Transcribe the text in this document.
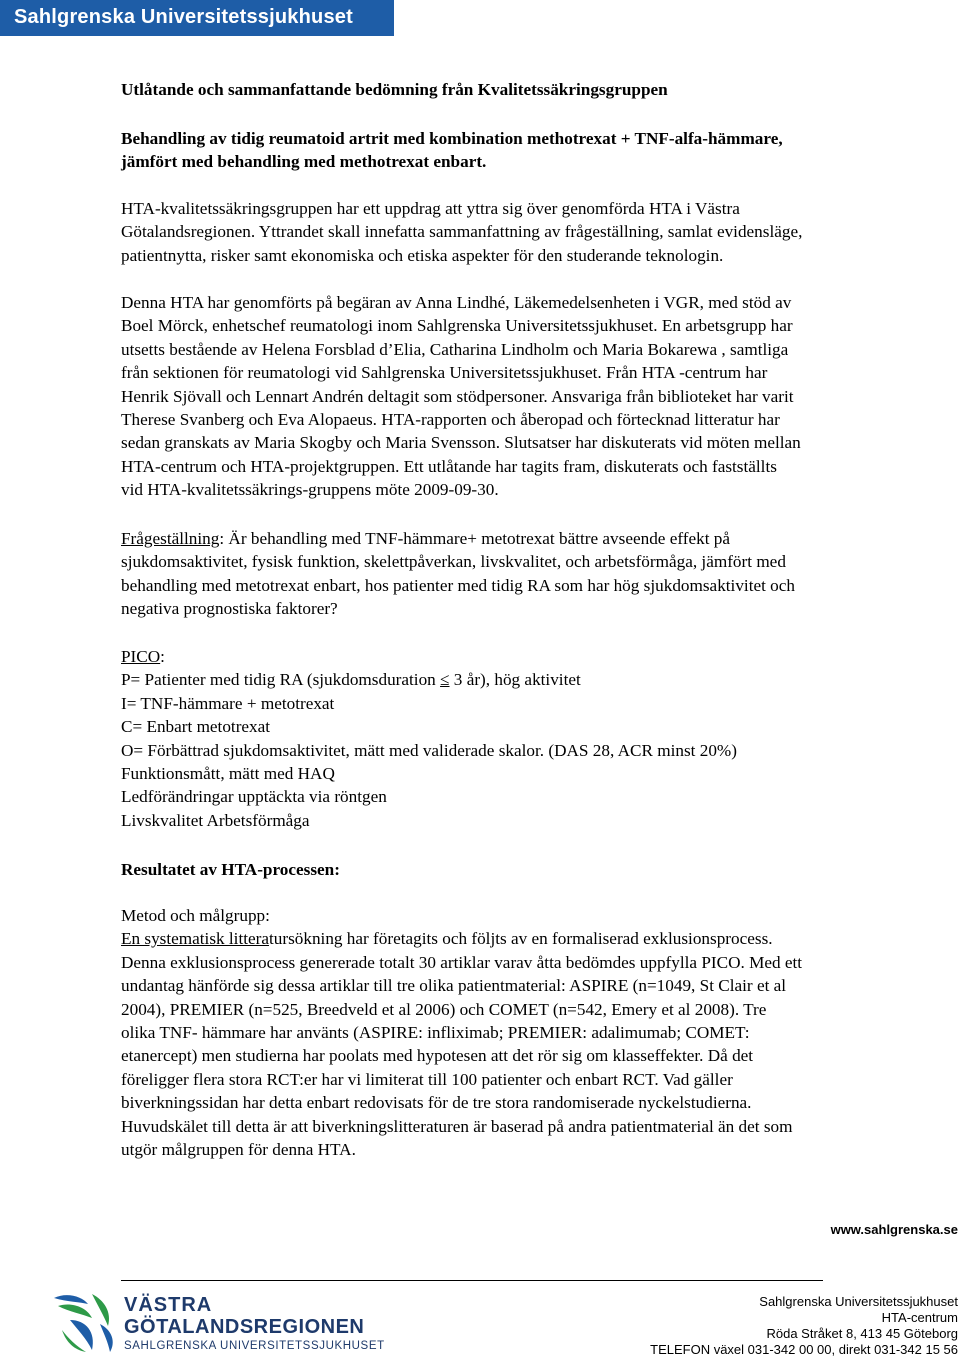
Sahlgrenska Universitetssjukhuset

Utlåtande och sammanfattande bedömning från Kvalitetssäkringsgruppen

Behandling av tidig reumatoid artrit med kombination methotrexat + TNF-alfa-hämmare,
jämfört med behandling med methotrexat enbart.
HTA-kvalitetssäkringsgruppen har ett uppdrag att yttra sig över genomförda HTA i Västra
Götalandsregionen. Yttrandet skall innefatta sammanfattning av frågeställning, samlat evidensläge,
patientnytta, risker samt ekonomiska och etiska aspekter för den studerande teknologin.
Denna HTA har genomförts på begäran av Anna Lindhé, Läkemedelsenheten i VGR, med stöd av
Boel Mörck, enhetschef reumatologi inom Sahlgrenska Universitetssjukhuset. En arbetsgrupp har
utsetts bestående av Helena Forsblad d’Elia, Catharina Lindholm och Maria Bokarewa , samtliga
från sektionen för reumatologi vid Sahlgrenska Universitetssjukhuset. Från HTA -centrum har
Henrik Sjövall och Lennart Andrén deltagit som stödpersoner. Ansvariga från biblioteket har varit
Therese Svanberg och Eva Alopaeus. HTA-rapporten och åberopad och förtecknad litteratur har
sedan granskats av Maria Skogby och Maria Svensson. Slutsatser har diskuterats vid möten mellan
HTA-centrum och HTA-projektgruppen. Ett utlåtande har tagits fram, diskuterats och fastställts
vid HTA-kvalitetssäkrings-gruppens möte 2009-09-30.
Frågeställning: Är behandling med TNF-hämmare+ metotrexat bättre avseende effekt på
sjukdomsaktivitet, fysisk funktion, skelettpåverkan, livskvalitet, och arbetsförmåga, jämfört med
behandling med metotrexat enbart, hos patienter med tidig RA som har hög sjukdomsaktivitet och
negativa prognostiska faktorer?
PICO:
P= Patienter med tidig RA (sjukdomsduration ≤ 3 år), hög aktivitet
I= TNF-hämmare + metotrexat
C= Enbart metotrexat
O= Förbättrad sjukdomsaktivitet, mätt med validerade skalor. (DAS 28, ACR minst 20%)
Funktionsmått, mätt med HAQ
Ledförändringar upptäckta via röntgen
Livskvalitet Arbetsförmåga

Resultatet av HTA-processen:

Metod och målgrupp:
En systematisk litteratursökning har företagits och följts av en formaliserad exklusionsprocess.
Denna exklusionsprocess genererade totalt 30 artiklar varav åtta bedömdes uppfylla PICO. Med ett
undantag hänförde sig dessa artiklar till tre olika patientmaterial: ASPIRE (n=1049, St Clair et al
2004), PREMIER (n=525, Breedveld et al 2006) och COMET (n=542, Emery et al 2008). Tre
olika TNF- hämmare har använts (ASPIRE: infliximab; PREMIER: adalimumab; COMET:
etanercept) men studierna har poolats med hypotesen att det rör sig om klasseffekter. Då det
föreligger flera stora RCT:er har vi limiterat till 100 patienter och enbart RCT. Vad gäller
biverkningssidan har detta enbart redovisats för de tre stora randomiserade nyckelstudierna.
Huvudskälet till detta är att biverkningslitteraturen är baserad på andra patientmaterial än det som
utgör målgruppen för denna HTA.
www.sahlgrenska.se
VÄSTRA
GÖTALANDSREGIONEN
SAHLGRENSKA UNIVERSITETSSJUKHUSET
Sahlgrenska Universitetssjukhuset
HTA-centrum
Röda Stråket 8, 413 45 Göteborg
TELEFON växel 031-342 00 00, direkt 031-342 15 56
